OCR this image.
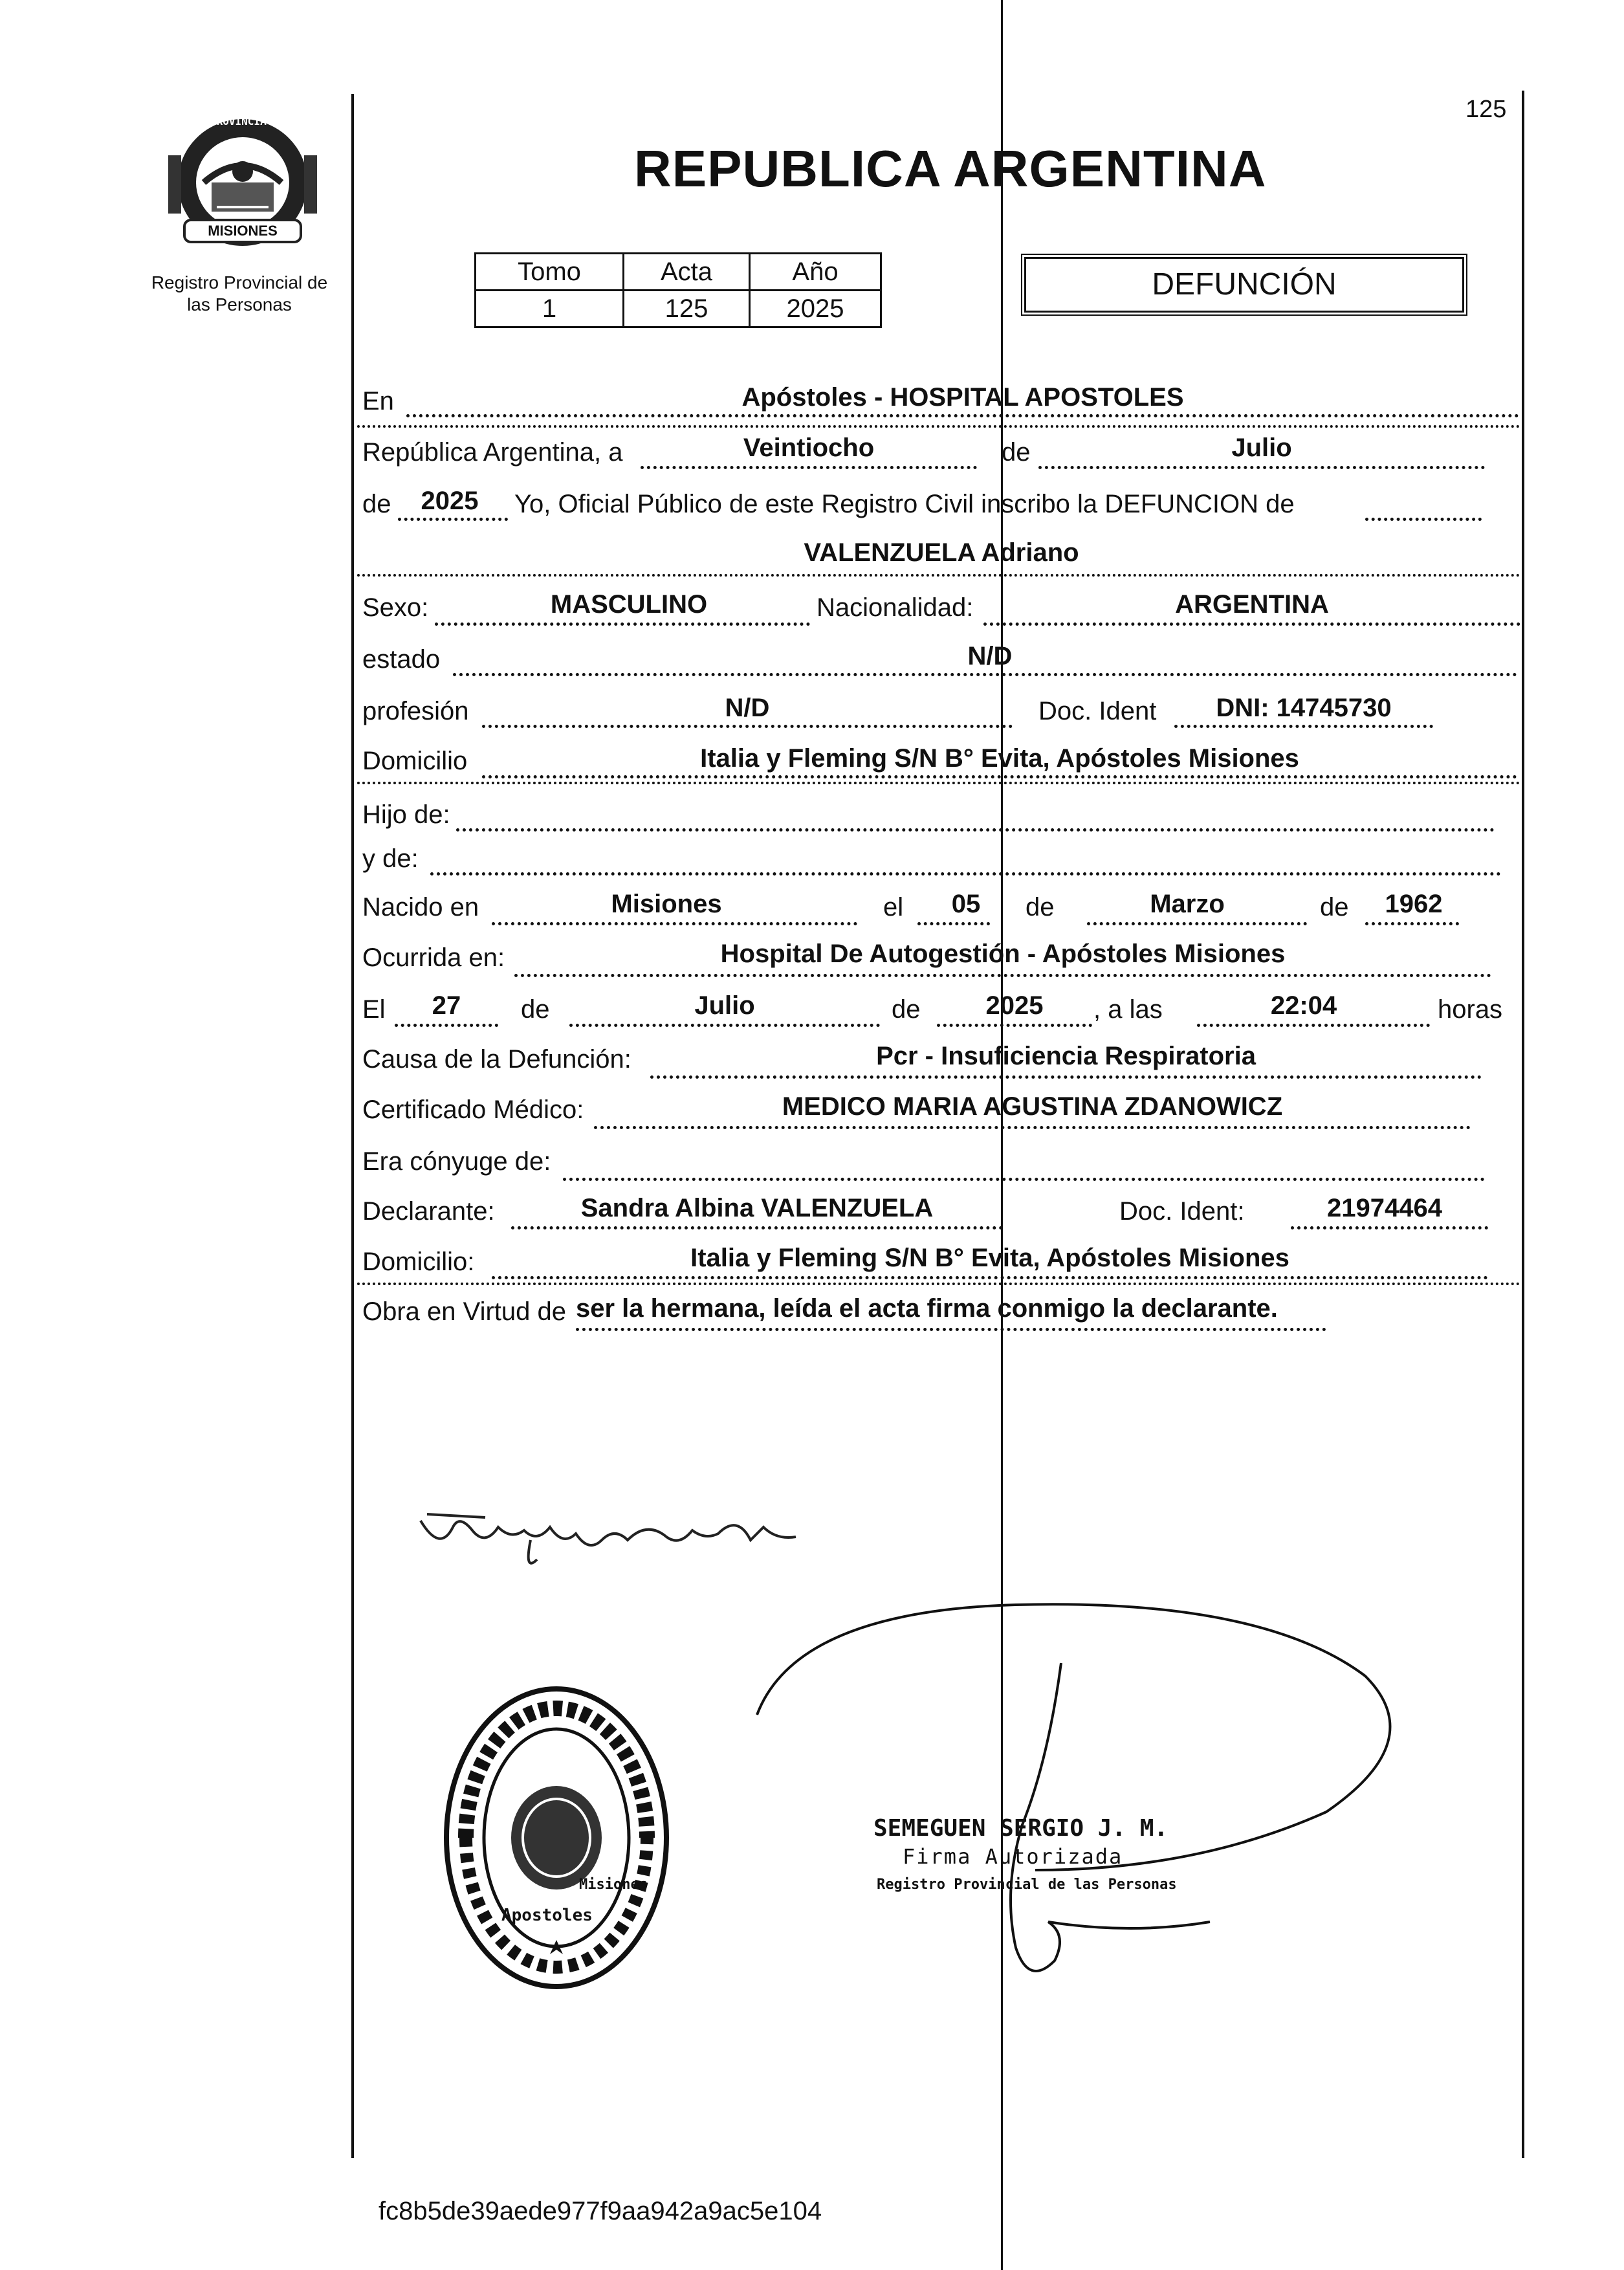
PROVINCIA DE
MISIONES
Registro Provincial de
las Personas
125
REPUBLICA ARGENTINA
Tomo	Acta	Año
1	125	2025
DEFUNCIÓN
En	Apóstoles - HOSPITAL APOSTOLES
República Argentina, a	Veintiocho	de	Julio
de	2025	Yo, Oficial Público de este Registro Civil inscribo la DEFUNCION de
VALENZUELA Adriano
Sexo:	MASCULINO	Nacionalidad:	ARGENTINA
estado	N/D
profesión	N/D	Doc. Ident	DNI: 14745730
Domicilio	Italia y Fleming S/N B° Evita, Apóstoles Misiones
Hijo de:
y de:
Nacido en	Misiones	el	05	de	Marzo	de	1962
Ocurrida en:	Hospital De Autogestión - Apóstoles Misiones
El	27	de	Julio	de	2025	, a las	22:04	horas
Causa de la Defunción:	Pcr - Insuficiencia Respiratoria
Certificado Médico:	MEDICO MARIA AGUSTINA ZDANOWICZ
Era cónyuge de:
Declarante:	Sandra Albina VALENZUELA	Doc. Ident:	21974464
Domicilio:	Italia y Fleming S/N B° Evita, Apóstoles Misiones
Obra en Virtud de ser la hermana, leída el acta firma conmigo la declarante.
SEMEGUEN SERGIO J. M.
Firma Autorizada
Registro Provincial de las Personas
Apostoles
Misiones
fc8b5de39aede977f9aa942a9ac5e104
